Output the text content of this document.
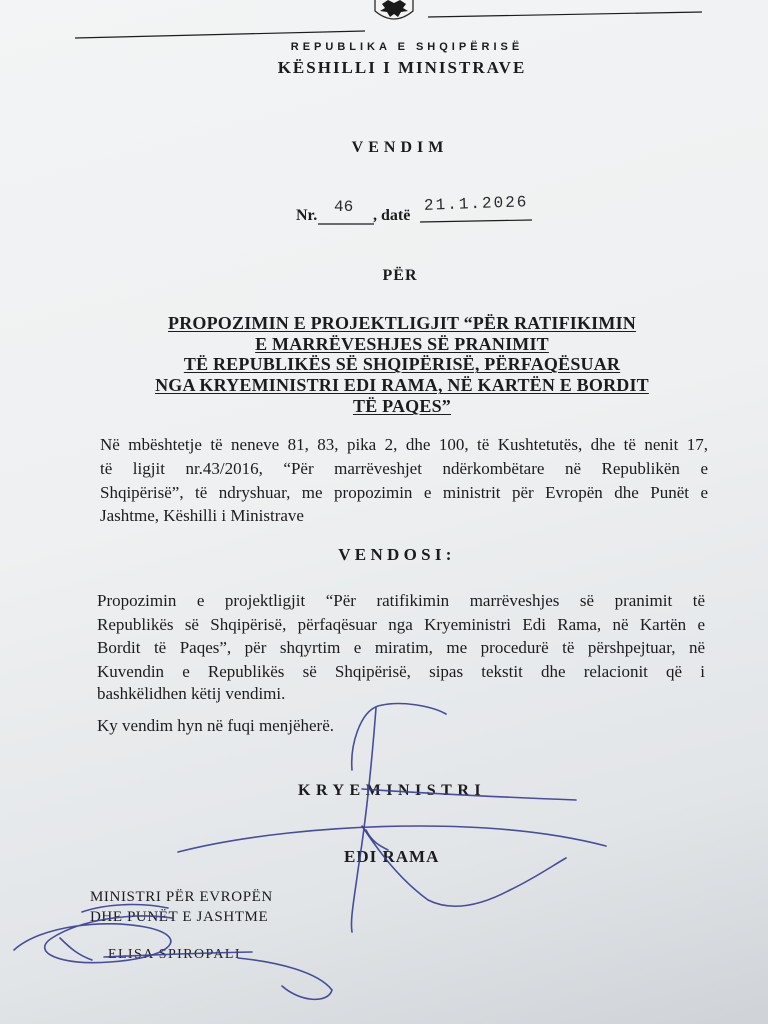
REPUBLIKA E SHQIPËRISË
KËSHILLI I MINISTRAVE
VENDIM
Nr. 46 , datë
21.1.2026
PËR
PROPOZIMIN E PROJEKTLIGJIT “PËR RATIFIKIMIN
E MARRËVESHJES SË PRANIMIT
TË REPUBLIKËS SË SHQIPËRISË, PËRFAQËSUAR
NGA KRYEMINISTRI EDI RAMA, NË KARTËN E BORDIT
TË PAQES”
Në mbështetje të neneve 81, 83, pika 2, dhe 100, të Kushtetutës, dhe të nenit 17,
të ligjit nr.43/2016, “Për marrëveshjet ndërkombëtare në Republikën e
Shqipërisë”, të ndryshuar, me propozimin e ministrit për Evropën dhe Punët e
Jashtme, Këshilli i Ministrave
VENDOSI:
Propozimin e projektligjit “Për ratifikimin marrëveshjes së pranimit të
Republikës së Shqipërisë, përfaqësuar nga Kryeministri Edi Rama, në Kartën e
Bordit të Paqes”, për shqyrtim e miratim, me procedurë të përshpejtuar, në
Kuvendin e Republikës së Shqipërisë, sipas tekstit dhe relacionit që i
bashkëlidhen këtij vendimi.
Ky vendim hyn në fuqi menjëherë.
KRYEMINISTRI
EDI RAMA
MINISTRI PËR EVROPËN
DHE PUNËT E JASHTME
ELISA SPIROPALI
